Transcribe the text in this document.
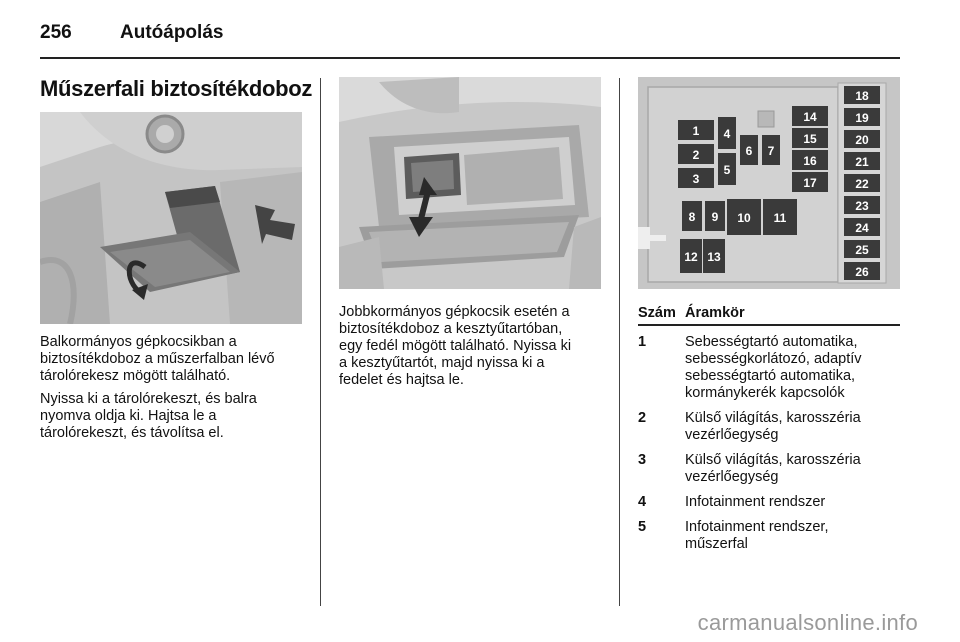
256	Autóápolás
Műszerfali biztosítékdoboz

Balkormányos gépkocsikban a
biztosítékdoboz a műszerfalban lévő
tárolórekesz mögött található.

Nyissa ki a tárolórekeszt, és balra
nyomva oldja ki. Hajtsa le a
tárolórekeszt, és távolítsa el.

Jobbkormányos gépkocsik esetén a
biztosítékdoboz a kesztyűtartóban,
egy fedél mögött található. Nyissa ki
a kesztyűtartót, majd nyissa ki a
fedelet és hajtsa le.

1
2
3
4
5
6 7
8 9 10 11
12 13
14
15
16
17
18
19
20
21
22
23
24
25
26
Szám Áramkör
1	Sebességtartó automatika,
sebességkorlátozó, adaptív
sebességtartó automatika,
kormánykerék kapcsolók
2	Külső világítás, karosszéria
vezérlőegység
3	Külső világítás, karosszéria
vezérlőegység
4	Infotainment rendszer
5	Infotainment rendszer,
műszerfal
carmanualsonline.info
